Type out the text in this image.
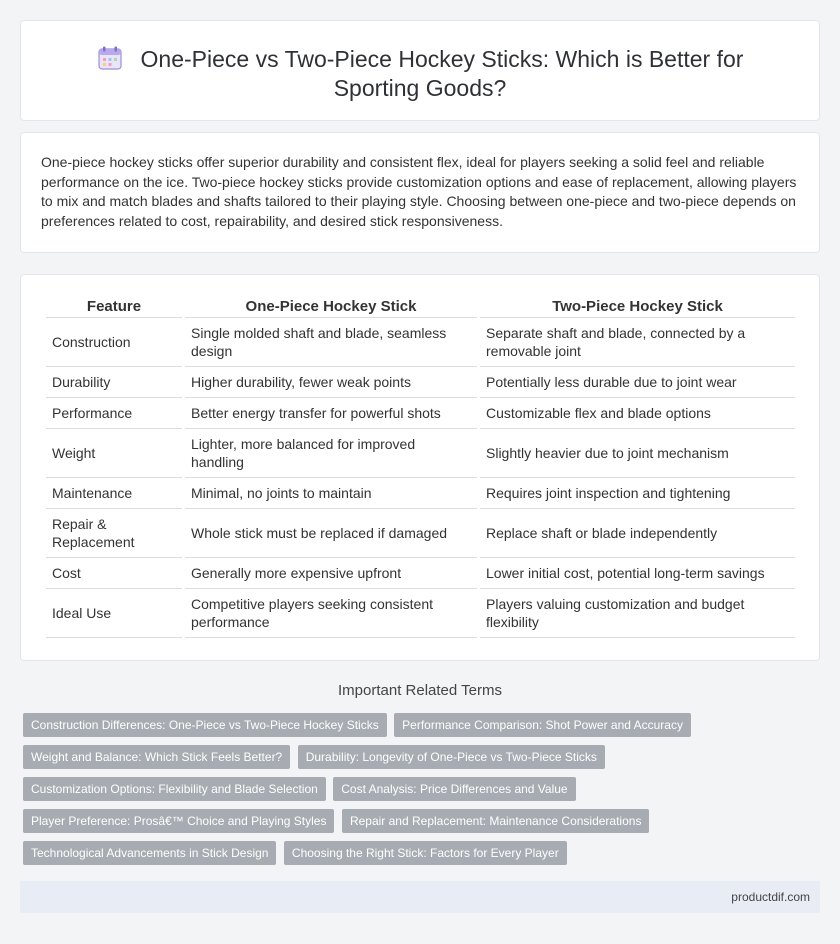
One-Piece vs Two-Piece Hockey Sticks: Which is Better for
Sporting Goods?

One-piece hockey sticks offer superior durability and consistent flex, ideal for players seeking a solid feel and reliable performance on the ice. Two-piece hockey sticks provide customization options and ease of replacement, allowing players to mix and match blades and shafts tailored to their playing style. Choosing between one-piece and two-piece depends on preferences related to cost, repairability, and desired stick responsiveness.

Feature	One-Piece Hockey Stick	Two-Piece Hockey Stick
Construction	Single molded shaft and blade, seamless design	Separate shaft and blade, connected by a removable joint
Durability	Higher durability, fewer weak points	Potentially less durable due to joint wear
Performance	Better energy transfer for powerful shots	Customizable flex and blade options
Weight	Lighter, more balanced for improved handling	Slightly heavier due to joint mechanism
Maintenance	Minimal, no joints to maintain	Requires joint inspection and tightening
Repair & Replacement	Whole stick must be replaced if damaged	Replace shaft or blade independently
Cost	Generally more expensive upfront	Lower initial cost, potential long-term savings
Ideal Use	Competitive players seeking consistent performance	Players valuing customization and budget flexibility
Important Related Terms
Construction Differences: One-Piece vs Two-Piece Hockey Sticks Performance Comparison: Shot Power and Accuracy Weight and Balance: Which Stick Feels Better? Durability: Longevity of One-Piece vs Two-Piece Sticks Customization Options: Flexibility and Blade Selection Cost Analysis: Price Differences and Value Player Preference: Prosâ€™ Choice and Playing Styles Repair and Replacement: Maintenance Considerations Technological Advancements in Stick Design Choosing the Right Stick: Factors for Every Player
productdif.com
